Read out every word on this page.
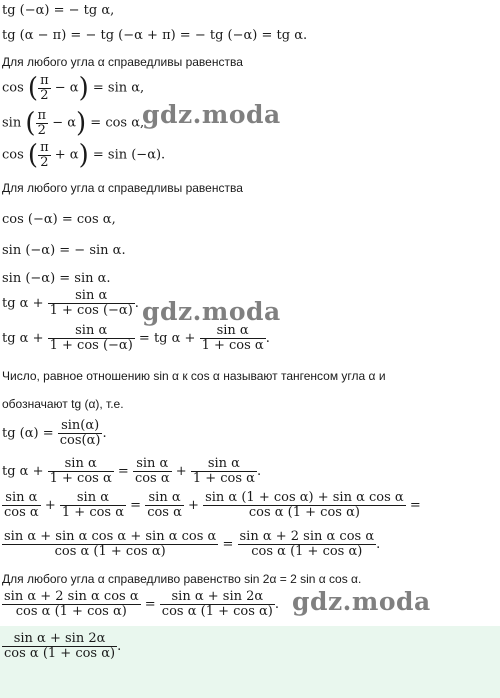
tg (−α) = − tg α,
tg (α − π) = − tg (−α + π) = − tg (−α) = tg α.
Для любого угла α справедливы равенства
cos ( $\frac{\pi}{2} - \alpha) = \sin \alpha$,
sin ( $\frac{\pi}{2} - \alpha) = \cos \alpha$,
cos ( $\frac{\pi}{2} + \alpha) = \sin (-\alpha)$.
Для любого угла α справедливы равенства
cos (−α) = cos α,
sin (−α) = − sin α.
sin (−α) = sin α.
tg $\alpha + \frac{\text{sin α}}{1 + \cos (-\alpha)}$ .
tg $\alpha + \frac{\text{sin α}}{1 + \cos (-\alpha)}$ = tg $\alpha + \frac{\text{sin α}}{\text{1 + cos α}}$ .
Число, равное отношению sin α к cos α называют тангенсом угла α и
обозначают tg (α), т.е.
tg $(\alpha) = \frac{\sin(\alpha)}{\cos(\alpha)}$ .
tg $\alpha + \frac{\text{sin α}}{\text{1 + cos α}} = \frac{\text{sin α}}{\text{cos α}} + \frac{\text{sin α}}{\text{1 + cos α}}$ .
$\frac{\text{sin α}}{\text{cos α}} + \frac{\text{sin α}}{\text{1 + cos α}} = \frac{\text{sin α}}{\text{cos α}} + \frac{\text{sin α (1 + cos α) + sin α cos α}}{\text{cos α (1 + cos α)}}$ =
$\frac{\text{sin α + sin α cos α + sin α cos α}}{\text{cos α (1 + cos α)}} = \frac{\text{sin α + 2 sin α cos α}}{\text{cos α (1 + cos α)}}$ .
Для любого угла α справедливо равенство sin 2α = 2 sin α cos α.
$\frac{\text{sin α + 2 sin α cos α}}{\text{cos α (1 + cos α)}} = \frac{\text{sin α + sin 2α}}{\text{cos α (1 + cos α)}}$ .
$\frac{\text{sin α + sin 2α}}{\text{cos α (1 + cos α)}}$ .
gdz.moda
gdz.moda
gdz.moda
